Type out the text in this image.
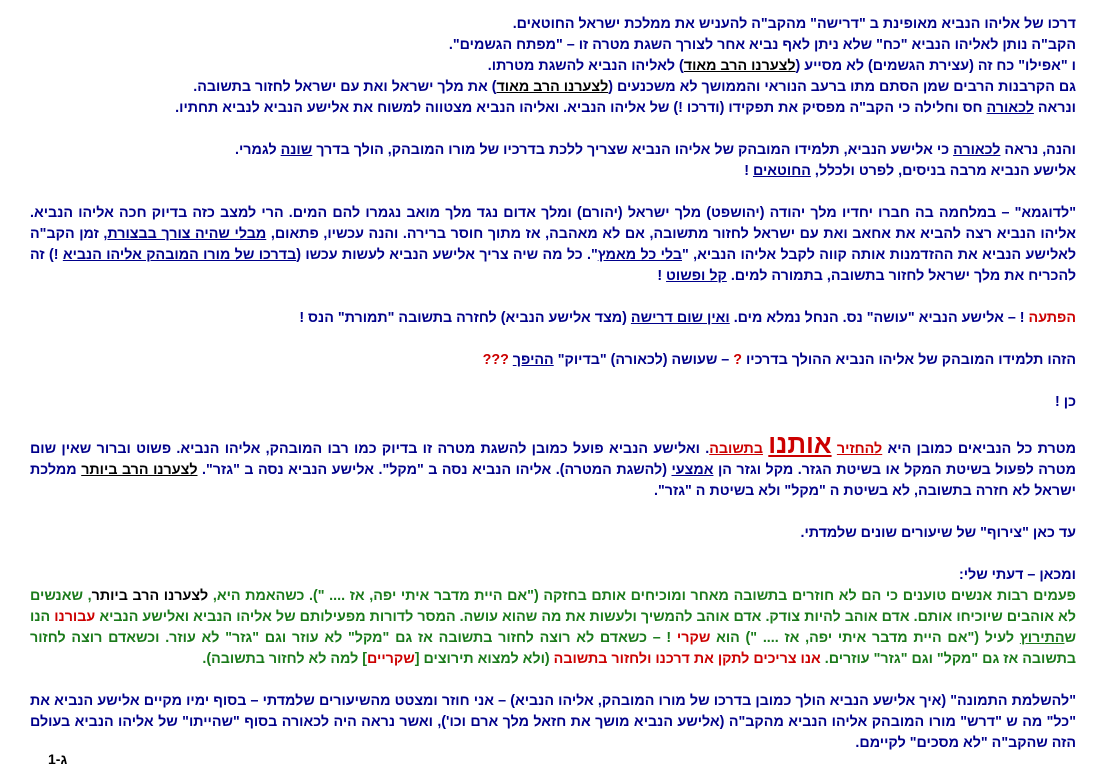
דרכו של אליהו הנביא מאופינת ב "דרישה" מהקב"ה להעניש את ממלכת ישראל החוטאים.
הקב"ה נותן לאליהו הנביא "כח" שלא ניתן לאף נביא אחר לצורך השגת מטרה זו – "מפתח הגשמים".
ו "אפילו" כח זה (עצירת הגשמים) לא מסייע (לצערנו הרב מאוד) לאליהו הנביא להשגת מטרתו.
גם הקרבנות הרבים שמן הסתם מתו ברעב הנוראי והממושך לא משכנעים (לצערנו הרב מאוד) את מלך ישראל ואת עם ישראל לחזור בתשובה.
ונראה לכאורה חס וחלילה כי הקב"ה מפסיק את תפקידו (ודרכו !) של אליהו הנביא. ואליהו הנביא מצטווה למשוח את אלישע הנביא לנביא תחתיו.
והנה, נראה לכאורה כי אלישע הנביא, תלמידו המובהק של אליהו הנביא שצריך ללכת בדרכיו של מורו המובהק, הולך בדרך שונה לגמרי.
אלישע הנביא מרבה בניסים, לפרט ולכלל, החוטאים !
"לדוגמא" – במלחמה בה חברו יחדיו מלך יהודה (יהושפט) מלך ישראל (יהורם) ומלך אדום נגד מלך מואב נגמרו להם המים. הרי למצב כזה בדיוק חכה אליהו הנביא. אליהו הנביא רצה להביא את אחאב ואת עם ישראל לחזור מתשובה, אם לא מאהבה, אז מתוך חוסר ברירה. והנה עכשיו, פתאום, מבלי שהיה צורך בבצורת, זמן הקב"ה לאלישע הנביא את ההזדמנות אותה קווה לקבל אליהו הנביא, "בלי כל מאמץ". כל מה שיה צריך אלישע הנביא לעשות עכשו (בדרכו של מורו המובהק אליהו הנביא !) זה להכריח את מלך ישראל לחזור בתשובה, בתמורה למים. קל ופשוט !
הפתעה ! – אלישע הנביא "עושה" נס. הנחל נמלא מים. ואין שום דרישה (מצד אלישע הנביא) לחזרה בתשובה "תמורת" הנס !
הזהו תלמידו המובהק של אליהו הנביא ההולך בדרכיו ? – שעושה (לכאורה) "בדיוק" ההיפך ???
כן !
מטרת כל הנביאים כמובן היא להחזיר אותנו בתשובה. ואלישע הנביא פועל כמובן להשגת מטרה זו בדיוק כמו רבו המובהק, אליהו הנביא. פשוט וברור שאין שום מטרה לפעול בשיטת המקל או בשיטת הגזר. מקל וגזר הן אמצעי (להשגת המטרה). אליהו הנביא נסה ב "מקל". אלישע הנביא נסה ב "גזר". לצערנו הרב ביותר ממלכת ישראל לא חזרה בתשובה, לא בשיטת ה "מקל" ולא בשיטת ה "גזר".
עד כאן "צירוף" של שיעורים שונים שלמדתי.
ומכאן – דעתי שלי:
פעמים רבות אנשים טוענים כי הם לא חוזרים בתשובה מאחר ומוכיחים אותם בחזקה ("אם היית מדבר איתי יפה, אז .... "). כשהאמת היא, לצערנו הרב ביותר, שאנשים לא אוהבים שיוכיחו אותם. אדם אוהב להיות צודק. אדם אוהב להמשיך ולעשות את מה שהוא עושה. המסר לדורות מפעילותם של אליהו הנביא ואלישע הנביא עבורנו הנו שהתירוץ לעיל ("אם היית מדבר איתי יפה, אז .... ") הוא שקרי ! – כשאדם לא רוצה לחזור בתשובה אז גם "מקל" לא עוזר וגם "גזר" לא עוזר. וכשאדם רוצה לחזור בתשובה אז גם "מקל" וגם "גזר" עוזרים. אנו צריכים לתקן את דרכנו ולחזור בתשובה (ולא למצוא תירוצים [שקריים] למה לא לחזור בתשובה).
"להשלמת התמונה" (איך אלישע הנביא הולך כמובן בדרכו של מורו המובהק, אליהו הנביא) – אני חוזר ומצטט מהשיעורים שלמדתי – בסוף ימיו מקיים אלישע הנביא את "כל" מה ש "דרש" מורו המובהק אליהו הנביא מהקב"ה (אלישע הנביא מושך את חזאל מלך ארם וכו'), ואשר נראה היה לכאורה בסוף "שהייתו" של אליהו הנביא בעולם הזה שהקב"ה "לא מסכים" לקיימם.
ג-1
